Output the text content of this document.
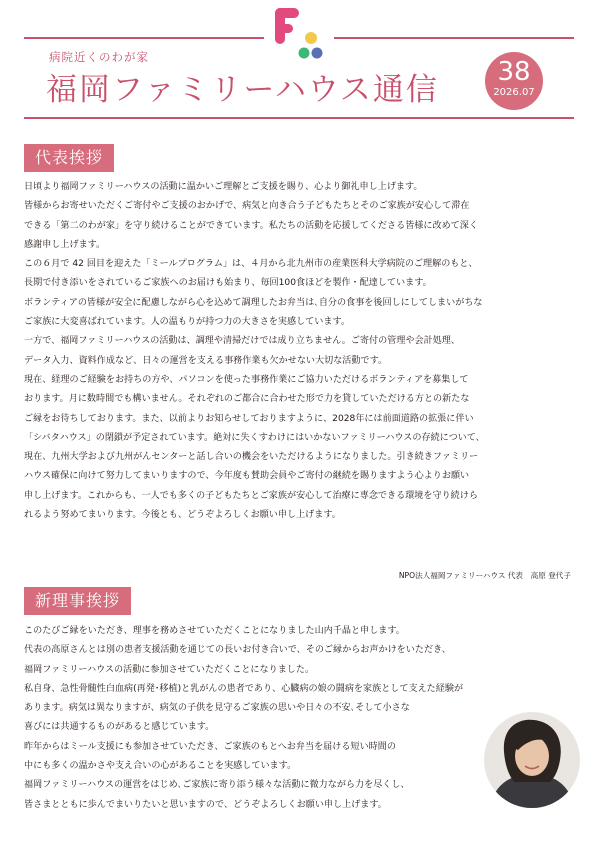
病院近くのわが家
福岡ファミリーハウス通信	38
2026.07
代表挨拶

日頃より福岡ファミリーハウスの活動に温かいご理解とご支援を賜り、心より御礼申し上げます。

皆様からお寄せいただくご寄付やご支援のおかげで、病気と向き合う子どもたちとそのご家族が安心して滞在

できる「第二のわが家」を守り続けることができています。私たちの活動を応援してくださる皆様に改めて深く

感謝申し上げます。

この６月で 42 回目を迎えた「ミールプログラム」は、４月から北九州市の産業医科大学病院のご理解のもと、

長期で付き添いをされているご家族へのお届けも始まり、毎回100食ほどを製作・配達しています。

ボランティアの皆様が安全に配慮しながら心を込めて調理したお弁当は､自分の食事を後回しにしてしまいがちな

ご家族に大変喜ばれています。人の温もりが持つ力の大きさを実感しています。

一方で、福岡ファミリーハウスの活動は、調理や清掃だけでは成り立ちません。ご寄付の管理や会計処理、

データ入力、資料作成など、日々の運営を支える事務作業も欠かせない大切な活動です。

現在、経理のご経験をお持ちの方や、パソコンを使った事務作業にご協力いただけるボランティアを募集して

おります。月に数時間でも構いません。それぞれのご都合に合わせた形で力を貸していただける方との新たな

ご縁をお待ちしております。また、以前よりお知らせしておりますように、2028年には前面道路の拡張に伴い

「シバタハウス」の閉鎖が予定されています。絶対に失くすわけにはいかないファミリーハウスの存続について、

現在、九州大学および九州がんセンターと話し合いの機会をいただけるようになりました。引き続きファミリー

ハウス確保に向けて努力してまいりますので、今年度も賛助会員やご寄付の継続を賜りますよう心よりお願い

申し上げます。これからも、一人でも多くの子どもたちとご家族が安心して治療に専念できる環境を守り続けら

れるよう努めてまいります。今後とも、どうぞよろしくお願い申し上げます。

NPO法人福岡ファミリーハウス 代表　高原 登代子
新理事挨拶

このたびご縁をいただき、理事を務めさせていただくことになりました山内千晶と申します。

代表の高原さんとは別の患者支援活動を通じての長いお付き合いで、そのご縁からお声かけをいただき、

福岡ファミリーハウスの活動に参加させていただくことになりました。

私自身、急性骨髄性白血病(再発･移植)と乳がんの患者であり、心臓病の娘の闘病を家族として支えた経験が

あります。病気は異なりますが、病気の子供を見守るご家族の思いや日々の不安､そして小さな

喜びには共通するものがあると感じています。

昨年からはミール支援にも参加させていただき、ご家族のもとへお弁当を届ける短い時間の

中にも多くの温かさや支え合いの心があることを実感しています。

福岡ファミリーハウスの運営をはじめ､ご家族に寄り添う様々な活動に微力ながら力を尽くし、

皆さまとともに歩んでまいりたいと思いますので、どうぞよろしくお願い申し上げます。
